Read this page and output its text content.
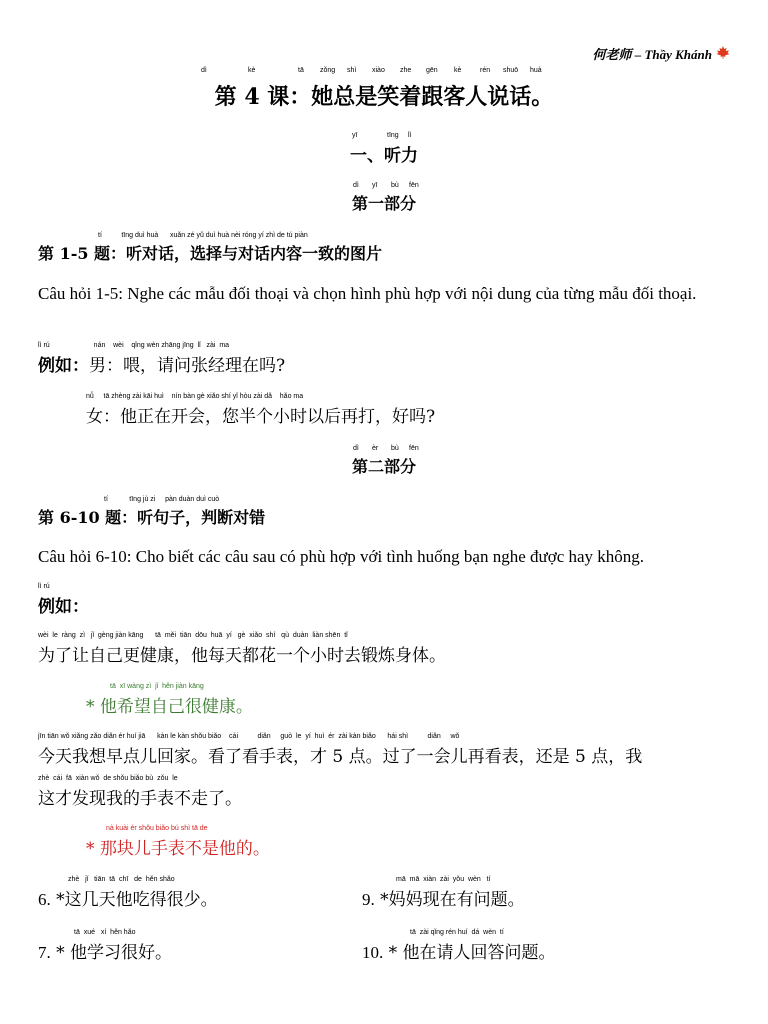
何老师 – Thầy Khánh
dì	kè	tā zǒng shì xiào zhe gēn kè	rén shuō huà
第 4 课：她总是笑着跟客人说话。
yī	tīng lì
一、听力
dì yī bù fēn
第一部分
tí          tīng duì huà      xuǎn zé yǔ duì huà nèi róng yí zhì de tú piàn
第 1-5 题：听对话，选择与对话内容一致的图片
Câu hỏi 1-5: Nghe các mẫu đối thoại và chọn hình phù hợp với nội dung của từng mẫu đối thoại.
lì rú	nán    wèi    qǐng wèn zhāng jīng  lǐ   zài  ma
例如：男：喂，请问张经理在吗?
nǚ     tā zhèng zài kāi huì    nín bàn gè xiǎo shí yǐ hòu zài dǎ    hǎo ma
女：他正在开会，您半个小时以后再打，好吗?
dì èr bù fēn
第二部分
tí           tīng jù zi     pàn duàn duì cuò
第 6-10 题：听句子，判断对错
Câu hỏi 6-10: Cho biết các câu sau có phù hợp với tình huống bạn nghe được hay không.
lì rú
例如：
wèi  le  ràng  zì   jǐ  gèng jiàn kāng      tā  měi  tiān  dōu  huā  yí   gè  xiǎo  shí   qù  duàn  liàn shēn  tǐ
为了让自己更健康，他每天都花一个小时去锻炼身体。
tā  xī wàng zì  jǐ  hěn jiàn kāng
* 他希望自己很健康。
jīn tiān wǒ xiǎng zǎo diǎn ér huí jiā      kàn le kàn shǒu biǎo    cái          diǎn     guò  le  yí  huì  ér  zài kàn biǎo      hái shì          diǎn     wǒ
今天我想早点儿回家。看了看手表，才 5 点。过了一会儿再看表，还是 5 点，我
zhè  cái  fā  xiàn wǒ  de shǒu biǎo bù  zǒu  le
这才发现我的手表不走了。
nà kuài ér shǒu biǎo bú shì tā de
* 那块儿手表不是他的。
zhè   jǐ   tiān  tā  chī   de  hěn shǎo
6. *这几天他吃得很少。
mā  mā  xiàn  zài  yǒu  wèn   tí
9. *妈妈现在有问题。
tā  xué   xí  hěn hǎo
7. * 他学习很好。
tā  zài qǐng rén huí  dá  wèn  tí
10. * 他在请人回答问题。
